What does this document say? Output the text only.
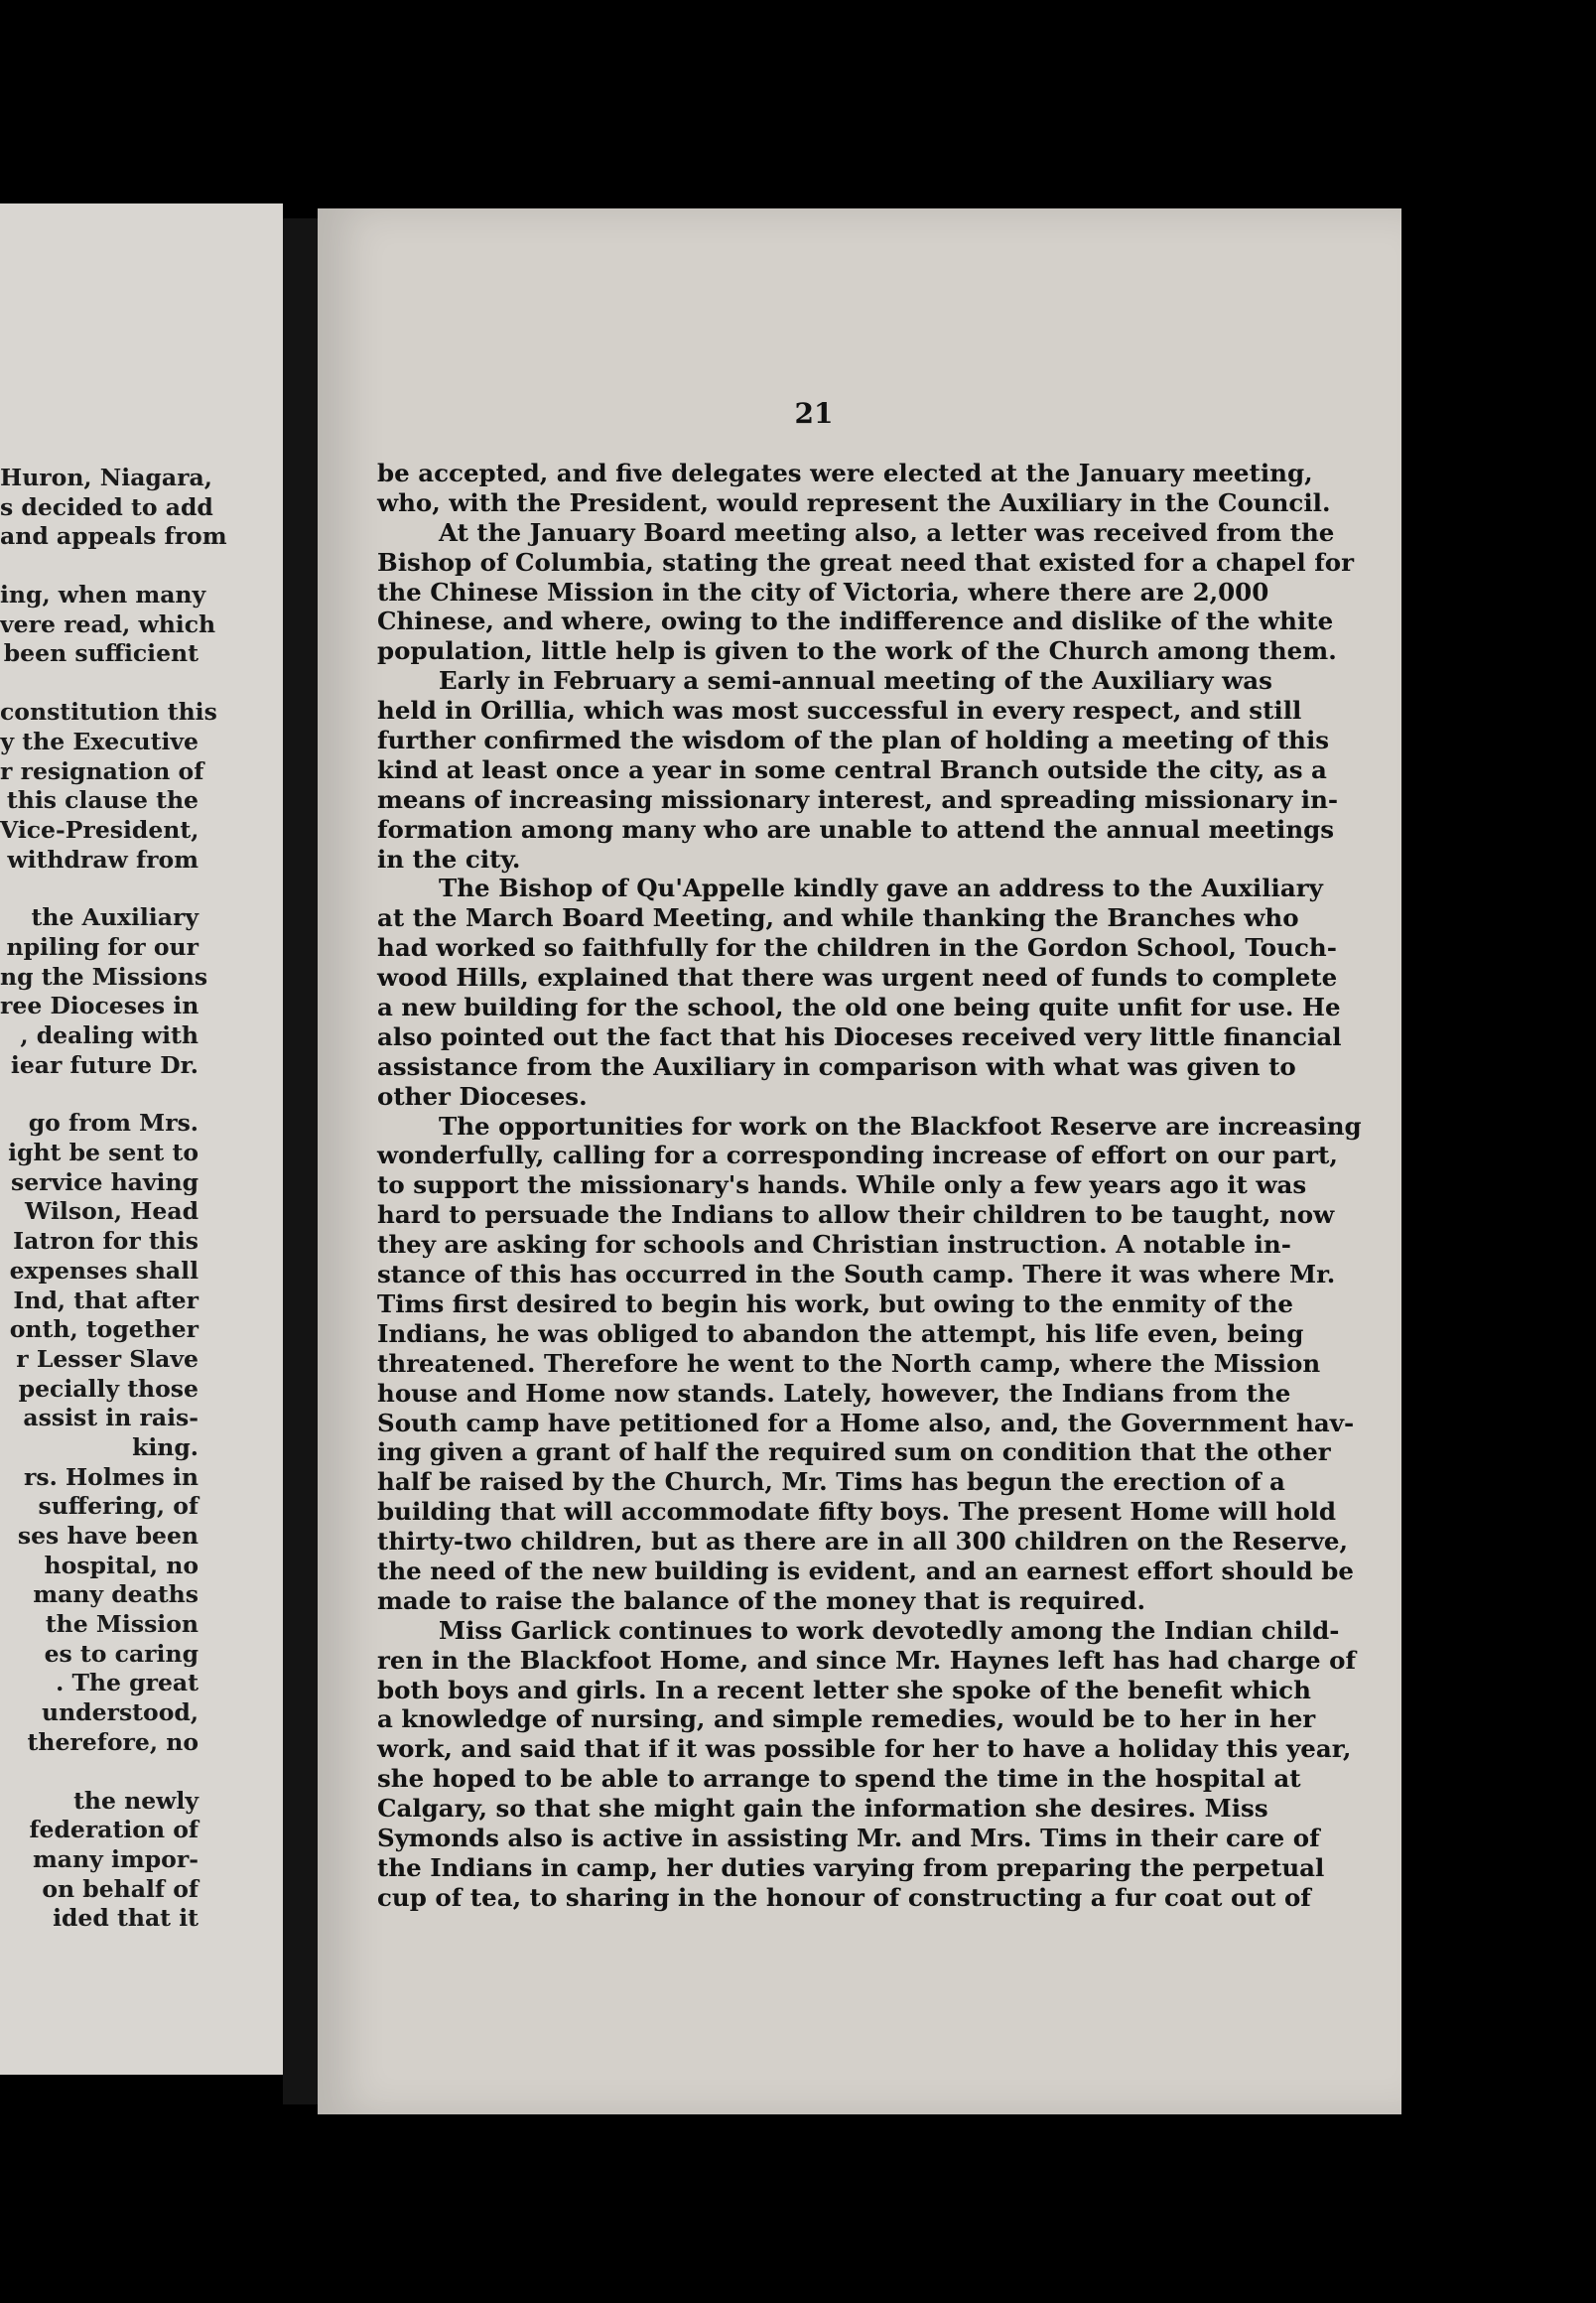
Huron, Niagara,
s decided to add
and appeals from
ing, when many
vere read, which
been sufficient
constitution this
y the Executive
r resignation of
this clause the
Vice-President,
withdraw from
the Auxiliary
npiling for our
ng the Missions
ree Dioceses in
, dealing with
iear future Dr.
go from Mrs.
ight be sent to
service having
Wilson, Head
Iatron for this
expenses shall
Ind, that after
onth, together
r Lesser Slave
pecially those
assist in rais-
king.
rs. Holmes in
suffering, of
ses have been
hospital, no
many deaths
the Mission
es to caring
. The great
understood,
therefore, no
the newly
federation of
many impor-
on behalf of
ided that it
21
be accepted, and five delegates were elected at the January meeting,
who, with the President, would represent the Auxiliary in the Council.
At the January Board meeting also, a letter was received from the
Bishop of Columbia, stating the great need that existed for a chapel for
the Chinese Mission in the city of Victoria, where there are 2,000
Chinese, and where, owing to the indifference and dislike of the white
population, little help is given to the work of the Church among them.
Early in February a semi-annual meeting of the Auxiliary was
held in Orillia, which was most successful in every respect, and still
further confirmed the wisdom of the plan of holding a meeting of this
kind at least once a year in some central Branch outside the city, as a
means of increasing missionary interest, and spreading missionary in-
formation among many who are unable to attend the annual meetings
in the city.
The Bishop of Qu'Appelle kindly gave an address to the Auxiliary
at the March Board Meeting, and while thanking the Branches who
had worked so faithfully for the children in the Gordon School, Touch-
wood Hills, explained that there was urgent need of funds to complete
a new building for the school, the old one being quite unfit for use. He
also pointed out the fact that his Dioceses received very little financial
assistance from the Auxiliary in comparison with what was given to
other Dioceses.
The opportunities for work on the Blackfoot Reserve are increasing
wonderfully, calling for a corresponding increase of effort on our part,
to support the missionary's hands. While only a few years ago it was
hard to persuade the Indians to allow their children to be taught, now
they are asking for schools and Christian instruction. A notable in-
stance of this has occurred in the South camp. There it was where Mr.
Tims first desired to begin his work, but owing to the enmity of the
Indians, he was obliged to abandon the attempt, his life even, being
threatened. Therefore he went to the North camp, where the Mission
house and Home now stands. Lately, however, the Indians from the
South camp have petitioned for a Home also, and, the Government hav-
ing given a grant of half the required sum on condition that the other
half be raised by the Church, Mr. Tims has begun the erection of a
building that will accommodate fifty boys. The present Home will hold
thirty-two children, but as there are in all 300 children on the Reserve,
the need of the new building is evident, and an earnest effort should be
made to raise the balance of the money that is required.
Miss Garlick continues to work devotedly among the Indian child-
ren in the Blackfoot Home, and since Mr. Haynes left has had charge of
both boys and girls. In a recent letter she spoke of the benefit which
a knowledge of nursing, and simple remedies, would be to her in her
work, and said that if it was possible for her to have a holiday this year,
she hoped to be able to arrange to spend the time in the hospital at
Calgary, so that she might gain the information she desires. Miss
Symonds also is active in assisting Mr. and Mrs. Tims in their care of
the Indians in camp, her duties varying from preparing the perpetual
cup of tea, to sharing in the honour of constructing a fur coat out of
